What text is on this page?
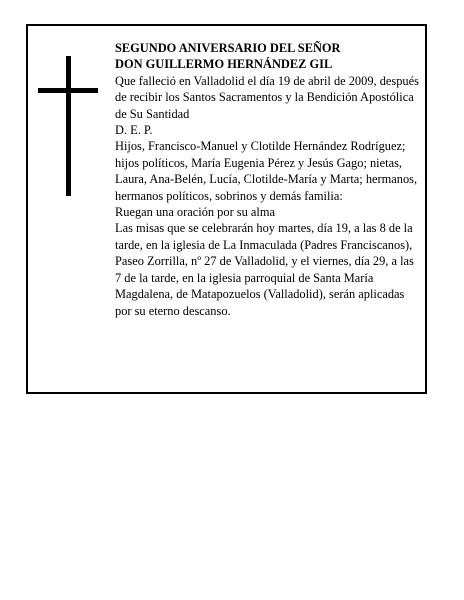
SEGUNDO ANIVERSARIO DEL SEÑOR

DON GUILLERMO HERNÁNDEZ GIL

Que falleció en Valladolid el día 19 de abril de 2009, después de recibir los Santos Sacramentos y la Bendición Apostólica de Su Santidad

D. E. P.

Hijos, Francisco-Manuel y Clotilde Hernández Rodríguez; hijos políticos, María Eugenia Pérez y Jesús Gago; nietas, Laura, Ana-Belén, Lucía, Clotilde-María y Marta; hermanos, hermanos políticos, sobrinos y demás familia:

Ruegan una oración por su alma

Las misas que se celebrarán hoy martes, día 19, a las 8 de la tarde, en la iglesia de La Inmaculada (Padres Franciscanos), Paseo Zorrilla, nº 27 de Valladolid, y el viernes, día 29, a las 7 de la tarde, en la iglesia parroquial de Santa María Magdalena, de Matapozuelos (Valladolid), serán aplicadas por su eterno descanso.
